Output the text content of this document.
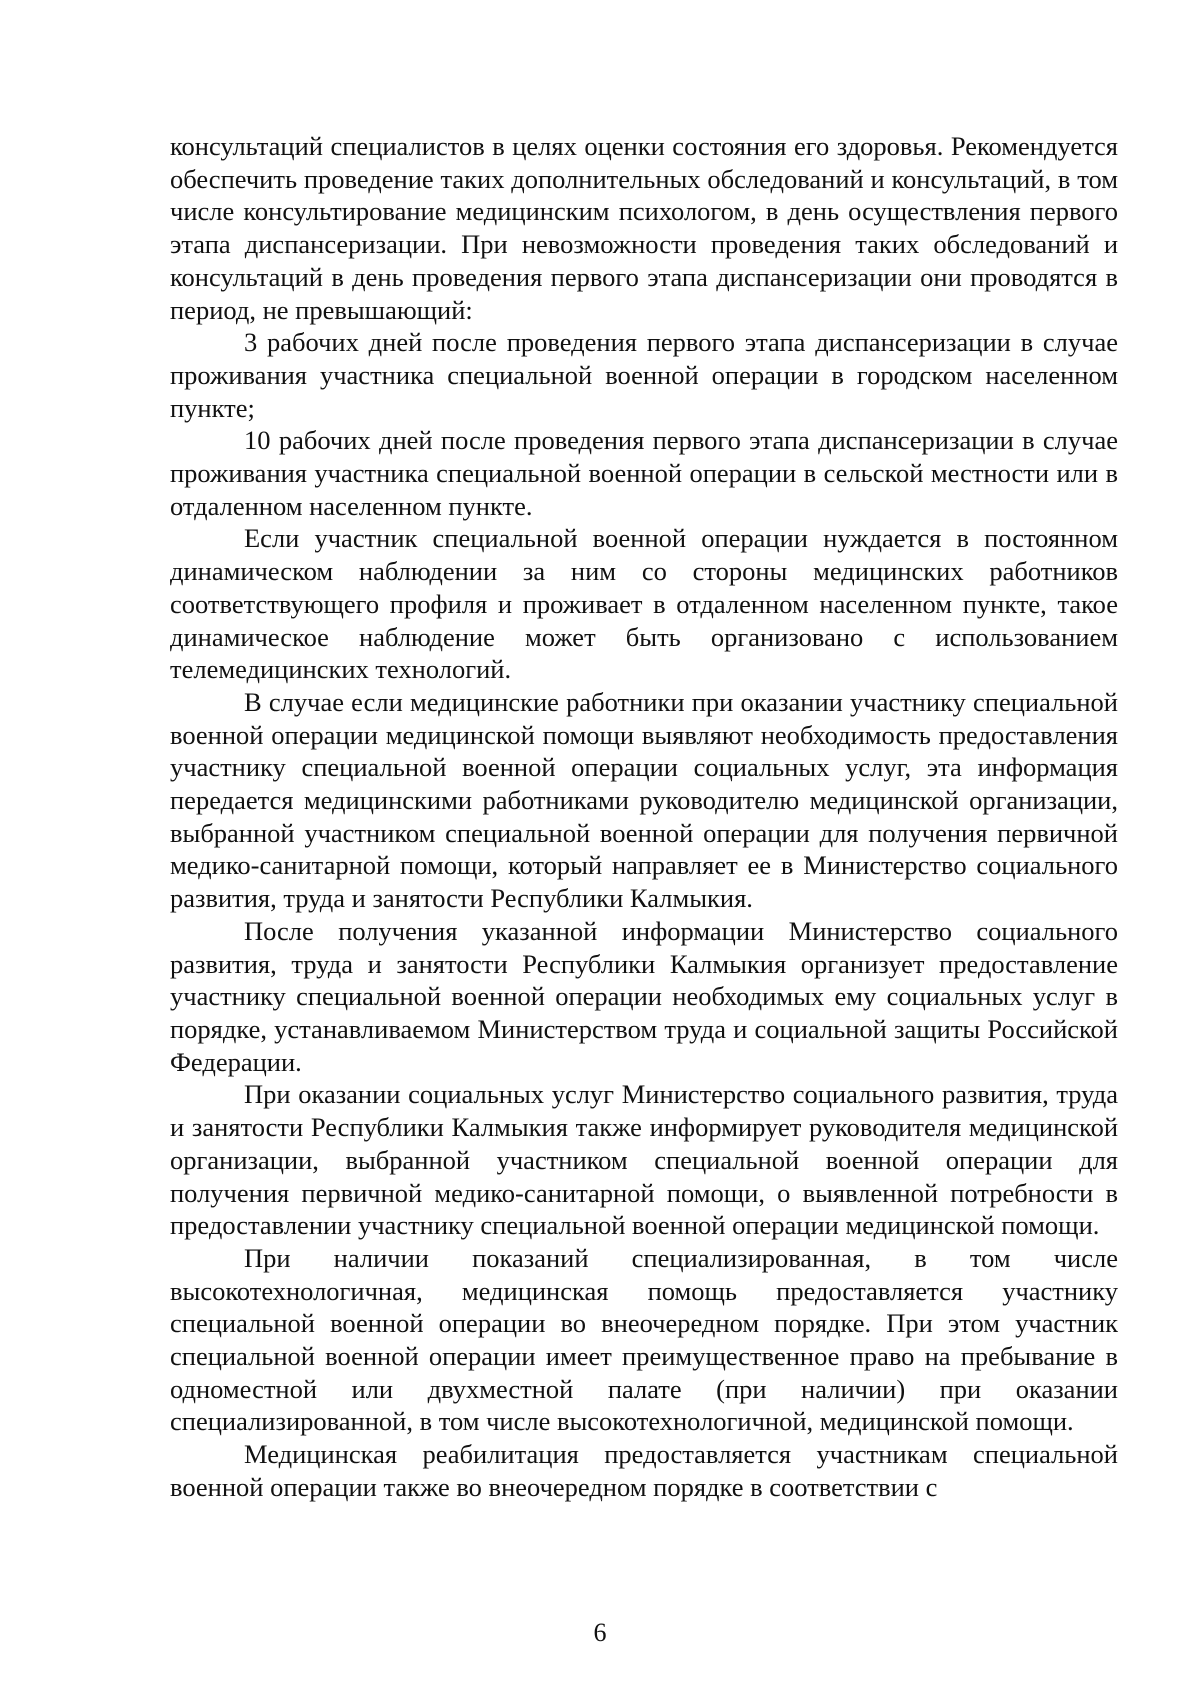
консультаций специалистов в целях оценки состояния его здоровья. Рекомендуется обеспечить проведение таких дополнительных обследований и консультаций, в том числе консультирование медицинским психологом, в день осуществления первого этапа диспансеризации. При невозможности проведения таких обследований и консультаций в день проведения первого этапа диспансеризации они проводятся в период, не превышающий:

3 рабочих дней после проведения первого этапа диспансеризации в случае проживания участника специальной военной операции в городском населенном пункте;

10 рабочих дней после проведения первого этапа диспансеризации в случае проживания участника специальной военной операции в сельской местности или в отдаленном населенном пункте.

Если участник специальной военной операции нуждается в постоянном динамическом наблюдении за ним со стороны медицинских работников соответствующего профиля и проживает в отдаленном населенном пункте, такое динамическое наблюдение может быть организовано с использованием телемедицинских технологий.

В случае если медицинские работники при оказании участнику специальной военной операции медицинской помощи выявляют необходимость предоставления участнику специальной военной операции социальных услуг, эта информация передается медицинскими работниками руководителю медицинской организации, выбранной участником специальной военной операции для получения первичной медико-санитарной помощи, который направляет ее в Министерство социального развития, труда и занятости Республики Калмыкия.

После получения указанной информации Министерство социального развития, труда и занятости Республики Калмыкия организует предоставление участнику специальной военной операции необходимых ему социальных услуг в порядке, устанавливаемом Министерством труда и социальной защиты Российской Федерации.

При оказании социальных услуг Министерство социального развития, труда и занятости Республики Калмыкия также информирует руководителя медицинской организации, выбранной участником специальной военной операции для получения первичной медико-санитарной помощи, о выявленной потребности в предоставлении участнику специальной военной операции медицинской помощи.

При наличии показаний специализированная, в том числе высокотехнологичная, медицинская помощь предоставляется участнику специальной военной операции во внеочередном порядке. При этом участник специальной военной операции имеет преимущественное право на пребывание в одноместной или двухместной палате (при наличии) при оказании специализированной, в том числе высокотехнологичной, медицинской помощи.

Медицинская реабилитация предоставляется участникам специальной военной операции также во внеочередном порядке в соответствии с

6
